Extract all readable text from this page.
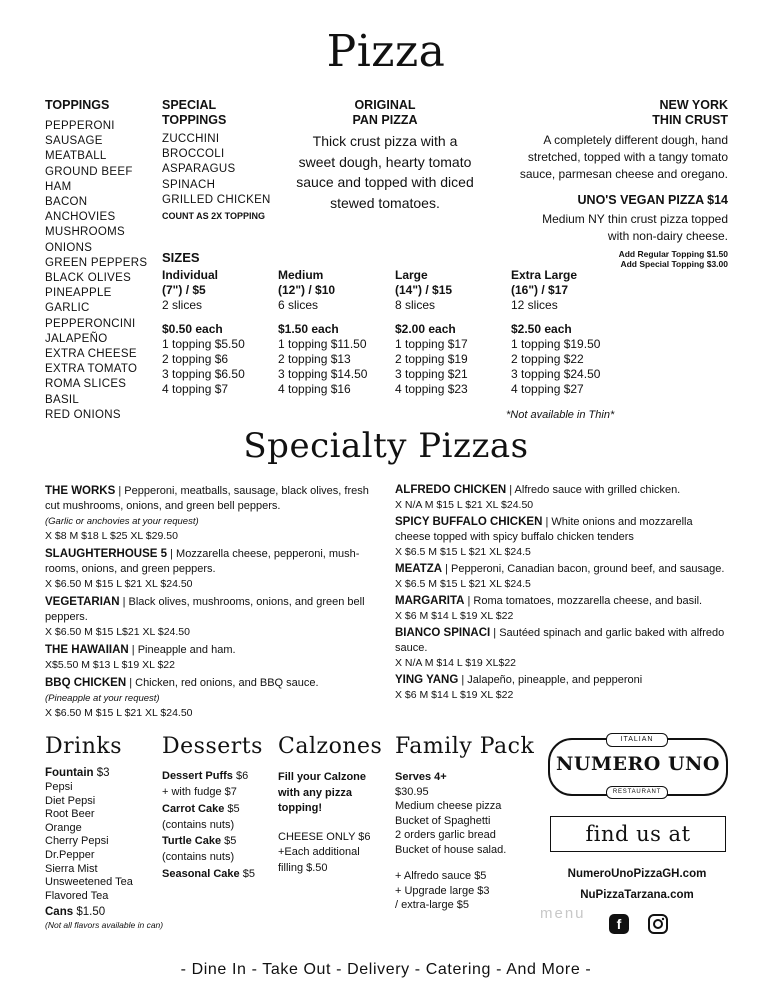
Pizza
TOPPINGS
PEPPERONI
SAUSAGE
MEATBALL
GROUND BEEF
HAM
BACON
ANCHOVIES
MUSHROOMS
ONIONS
GREEN PEPPERS
BLACK OLIVES
PINEAPPLE
GARLIC
PEPPERONCINI
JALAPEÑO
EXTRA CHEESE
EXTRA TOMATO
ROMA SLICES
BASIL
RED ONIONS
SPECIAL
TOPPINGS
ZUCCHINI
BROCCOLI
ASPARAGUS
SPINACH
GRILLED CHICKEN
COUNT AS 2X TOPPING
ORIGINAL
PAN PIZZA
Thick crust pizza with a
sweet dough, hearty tomato
sauce and topped with diced
stewed tomatoes.
NEW YORK
THIN CRUST
A completely different dough, hand
stretched, topped with a tangy tomato
sauce, parmesan cheese and oregano.
UNO'S VEGAN PIZZA $14
Medium NY thin crust pizza topped
with non-dairy cheese.
Add Regular Topping $1.50
Add Special Topping $3.00
SIZES
Individual
(7") / $5
2 slices
$0.50 each
1 topping $5.50
2 topping $6
3 topping $6.50
4 topping $7
Medium
(12") / $10
6 slices
$1.50 each
1 topping $11.50
2 topping $13
3 topping $14.50
4 topping $16
Large
(14") / $15
8 slices
$2.00 each
1 topping $17
2 topping $19
3 topping $21
4 topping $23
Extra Large
(16") / $17
12 slices
$2.50 each
1 topping $19.50
2 topping $22
3 topping $24.50
4 topping $27
*Not available in Thin*
Specialty Pizzas
THE WORKS | Pepperoni, meatballs, sausage, black olives, fresh cut mushrooms, onions, and green bell peppers.
(Garlic or anchovies at your request)
X $8 M $18 L $25 XL $29.50
SLAUGHTERHOUSE 5 | Mozzarella cheese, pepperoni, mush-rooms, onions, and green peppers.
X $6.50 M $15 L $21 XL $24.50
VEGETARIAN | Black olives, mushrooms, onions, and green bell peppers.
X $6.50 M $15 L$21 XL $24.50
THE HAWAIIAN | Pineapple and ham.
X$5.50 M $13 L $19 XL $22
BBQ CHICKEN | Chicken, red onions, and BBQ sauce.
(Pineapple at your request)
X $6.50 M $15 L $21 XL $24.50
ALFREDO CHICKEN | Alfredo sauce with grilled chicken.
X N/A M $15 L $21 XL $24.50
SPICY BUFFALO CHICKEN | White onions and mozzarella cheese topped with spicy buffalo chicken tenders
X $6.5 M $15 L $21 XL $24.5
MEATZA | Pepperoni, Canadian bacon, ground beef, and sausage.
X $6.5 M $15 L $21 XL $24.5
MARGARITA | Roma tomatoes, mozzarella cheese, and basil.
X $6 M $14 L $19 XL $22
BIANCO SPINACI | Sautéed spinach and garlic baked with alfredo sauce.
X N/A M $14 L $19 XL$22
YING YANG | Jalapeño, pineapple, and pepperoni
X $6 M $14 L $19 XL $22
Drinks
Fountain $3
Pepsi
Diet Pepsi
Root Beer
Orange
Cherry Pepsi
Dr.Pepper
Sierra Mist
Unsweetened Tea
Flavored Tea
Cans $1.50
(Not all flavors available in can)
Desserts
Dessert Puffs $6
+ with fudge $7
Carrot Cake $5
(contains nuts)
Turtle Cake $5
(contains nuts)
Seasonal Cake $5
Calzones
Fill your Calzone
with any pizza
topping!
CHEESE ONLY $6
+Each additional
filling $.50
Family Pack
Serves 4+
$30.95
Medium cheese pizza
Bucket of Spaghetti
2 orders garlic bread
Bucket of house salad.
+ Alfredo sauce $5
+ Upgrade large $3
/ extra-large $5
ITALIAN
NUMERO UNO
RESTAURANT
find us at
NumeroUnoPizzaGH.com
NuPizzaTarzana.com
menu
f
- Dine In - Take Out - Delivery - Catering - And More -
